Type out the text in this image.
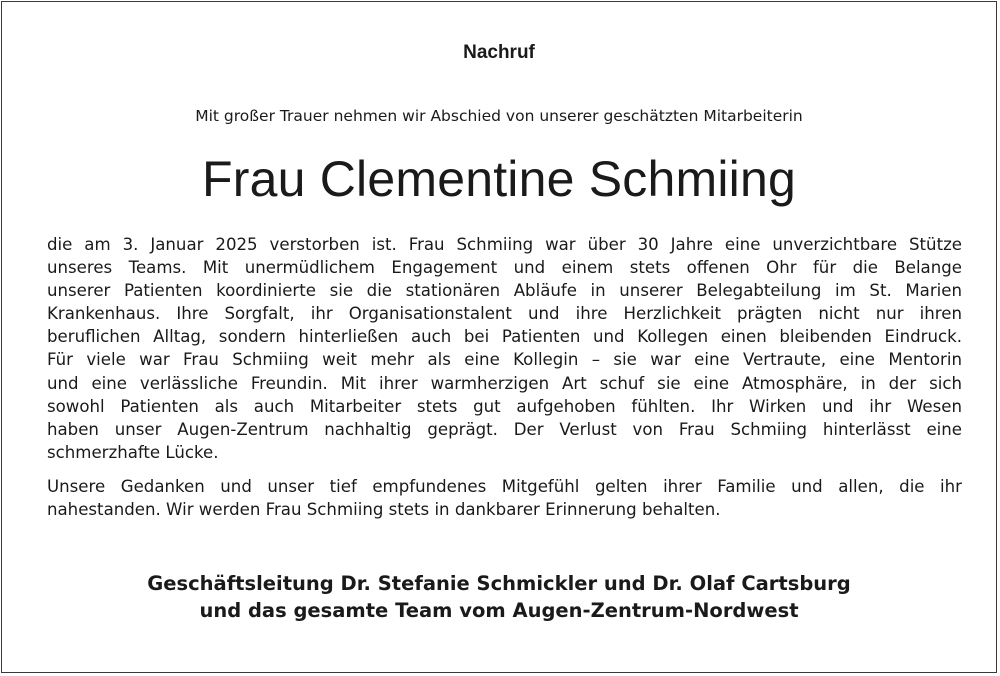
Nachruf
Mit großer Trauer nehmen wir Abschied von unserer geschätzten Mitarbeiterin
Frau Clementine Schmiing
die am 3. Januar 2025 verstorben ist. Frau Schmiing war über 30 Jahre eine unverzichtbare Stütze
unseres Teams. Mit unermüdlichem Engagement und einem stets offenen Ohr für die Belange
unserer Patienten koordinierte sie die stationären Abläufe in unserer Belegabteilung im St. Marien
Krankenhaus. Ihre Sorgfalt, ihr Organisationstalent und ihre Herzlichkeit prägten nicht nur ihren
beruflichen Alltag, sondern hinterließen auch bei Patienten und Kollegen einen bleibenden Eindruck.
Für viele war Frau Schmiing weit mehr als eine Kollegin – sie war eine Vertraute, eine Mentorin
und eine verlässliche Freundin. Mit ihrer warmherzigen Art schuf sie eine Atmosphäre, in der sich
sowohl Patienten als auch Mitarbeiter stets gut aufgehoben fühlten. Ihr Wirken und ihr Wesen
haben unser Augen-Zentrum nachhaltig geprägt. Der Verlust von Frau Schmiing hinterlässt eine
schmerzhafte Lücke.
Unsere Gedanken und unser tief empfundenes Mitgefühl gelten ihrer Familie und allen, die ihr
nahestanden. Wir werden Frau Schmiing stets in dankbarer Erinnerung behalten.
Geschäftsleitung Dr. Stefanie Schmickler und Dr. Olaf Cartsburg
und das gesamte Team vom Augen-Zentrum-Nordwest
